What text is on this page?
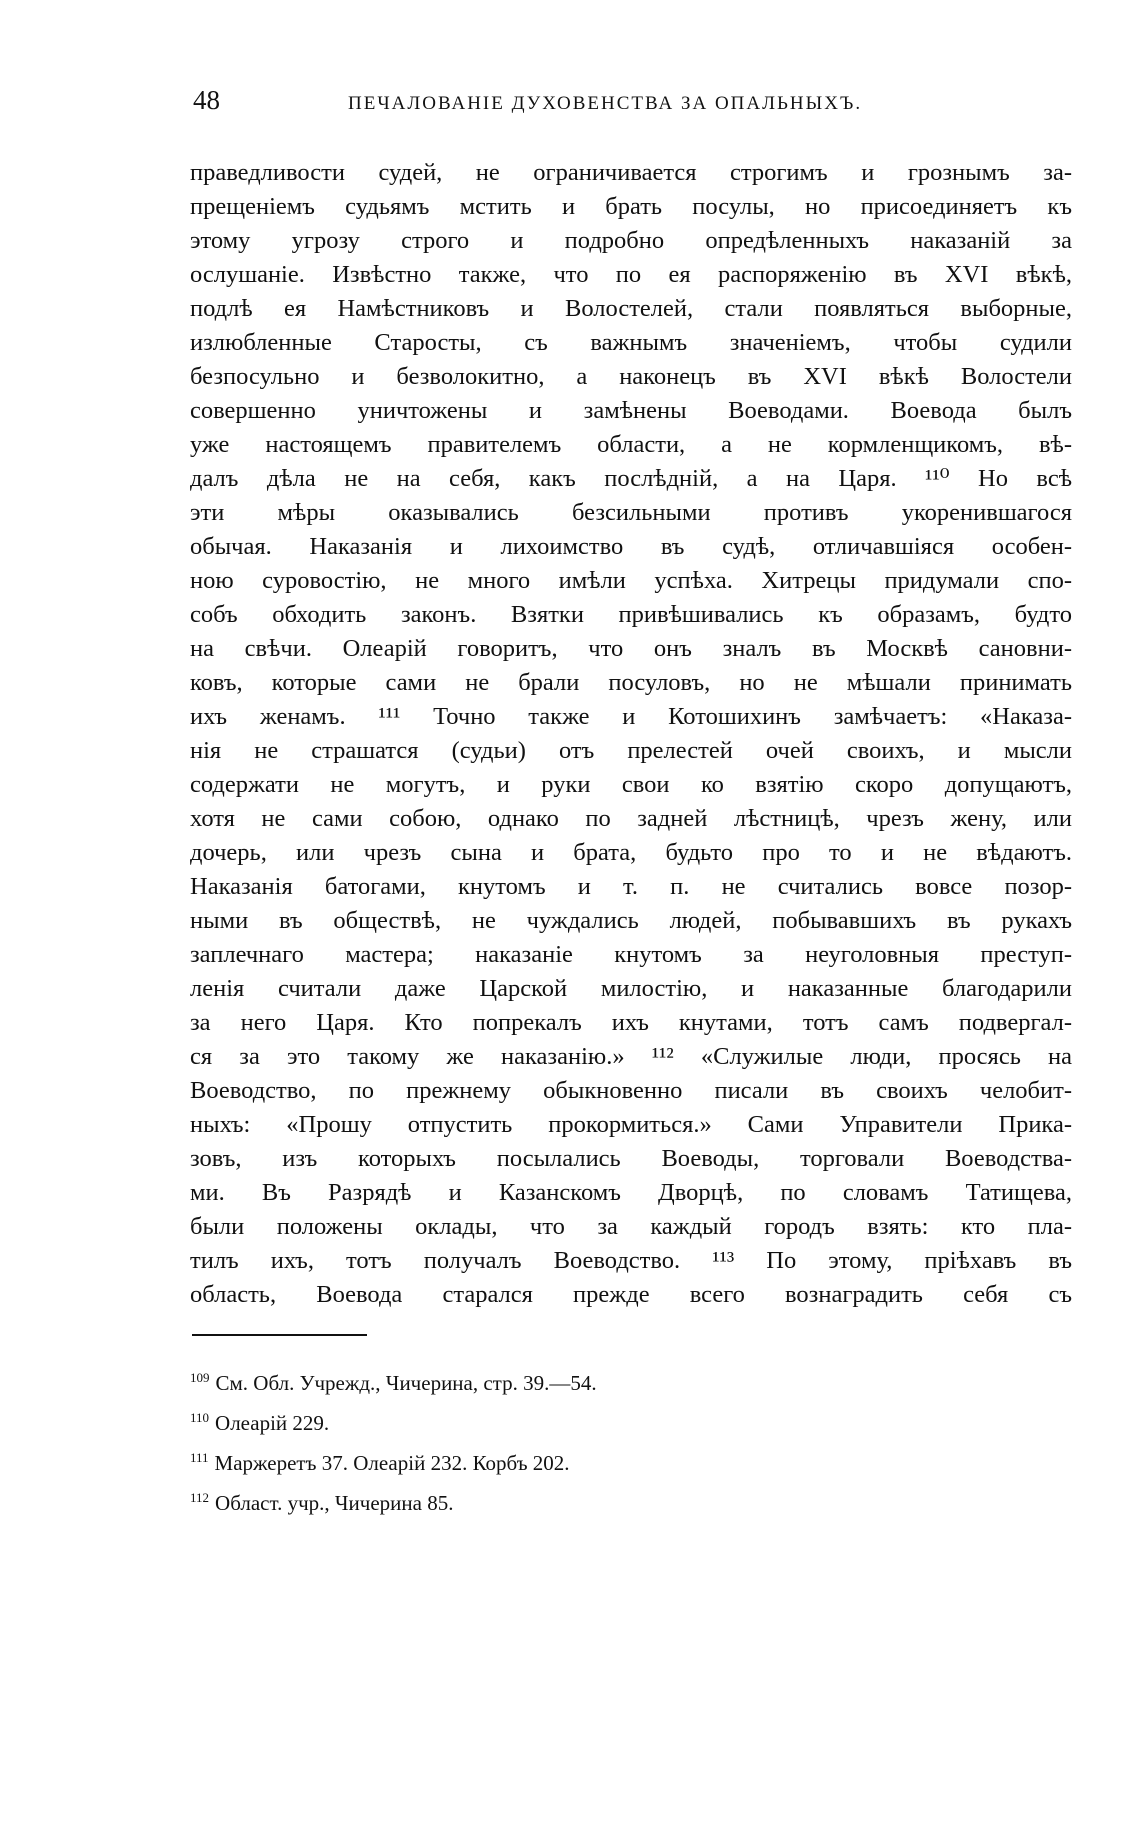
48	ПЕЧАЛОВАНІЕ ДУХОВЕНСТВА ЗА ОПАЛЬНЫХЪ.
праведливости судей, не ограничивается строгимъ и грознымъ за-
прещеніемъ судьямъ мстить и брать посулы, но присоединяетъ къ
этому угрозу строго и подробно опредѣленныхъ наказаній за
ослушаніе. Извѣстно также, что по ея распоряженію въ XVI вѣкѣ,
подлѣ ея Намѣстниковъ и Волостелей, стали появляться выборные,
излюбленные Старосты, съ важнымъ значеніемъ, чтобы судили
безпосульно и безволокитно, а наконецъ въ XVI вѣкѣ Волостели
совершенно уничтожены и замѣнены Воеводами. Воевода былъ
уже настоящемъ правителемъ области, а не кормленщикомъ, вѣ-
далъ дѣла не на себя, какъ послѣдній, а на Царя. ¹¹⁰ Но всѣ
эти мѣры оказывались безсильными противъ укоренившагося
обычая. Наказанія и лихоимство въ судѣ, отличавшіяся особен-
ною суровостію, не много имѣли успѣха. Хитрецы придумали спо-
собъ обходить законъ. Взятки привѣшивались къ образамъ, будто
на свѣчи. Олеарій говоритъ, что онъ зналъ въ Москвѣ сановни-
ковъ, которые сами не брали посуловъ, но не мѣшали принимать
ихъ женамъ. ¹¹¹ Точно также и Котошихинъ замѣчаетъ: «Наказа-
нія не страшатся (судьи) отъ прелестей очей своихъ, и мысли
содержати не могутъ, и руки свои ко взятію скоро допущаютъ,
хотя не сами собою, однако по задней лѣстницѣ, чрезъ жену, или
дочерь, или чрезъ сына и брата, будьто про то и не вѣдаютъ.
Наказанія батогами, кнутомъ и т. п. не считались вовсе позор-
ными въ обществѣ, не чуждались людей, побывавшихъ въ рукахъ
заплечнаго мастера; наказаніе кнутомъ за неуголовныя преступ-
ленія считали даже Царской милостію, и наказанные благодарили
за него Царя. Кто попрекалъ ихъ кнутами, тотъ самъ подвергал-
ся за это такому же наказанію.» ¹¹² «Служилые люди, просясь на
Воеводство, по прежнему обыкновенно писали въ своихъ челобит-
ныхъ: «Прошу отпустить прокормиться.» Сами Управители Прика-
зовъ, изъ которыхъ посылались Воеводы, торговали Воеводства-
ми. Въ Разрядѣ и Казанскомъ Дворцѣ, по словамъ Татищева,
были положены оклады, что за каждый городъ взять: кто пла-
тилъ ихъ, тотъ получалъ Воеводство. ¹¹³ По этому, пріѣхавъ въ
область, Воевода старался прежде всего вознаградить себя съ
$^{109}$ См. Обл. Учрежд., Чичерина, стр. 39.—54.
$^{110}$ Олеарій 229.
$^{111}$ Маржеретъ 37. Олеарій 232. Корбъ 202.
$^{112}$ Област. учр., Чичерина 85.
